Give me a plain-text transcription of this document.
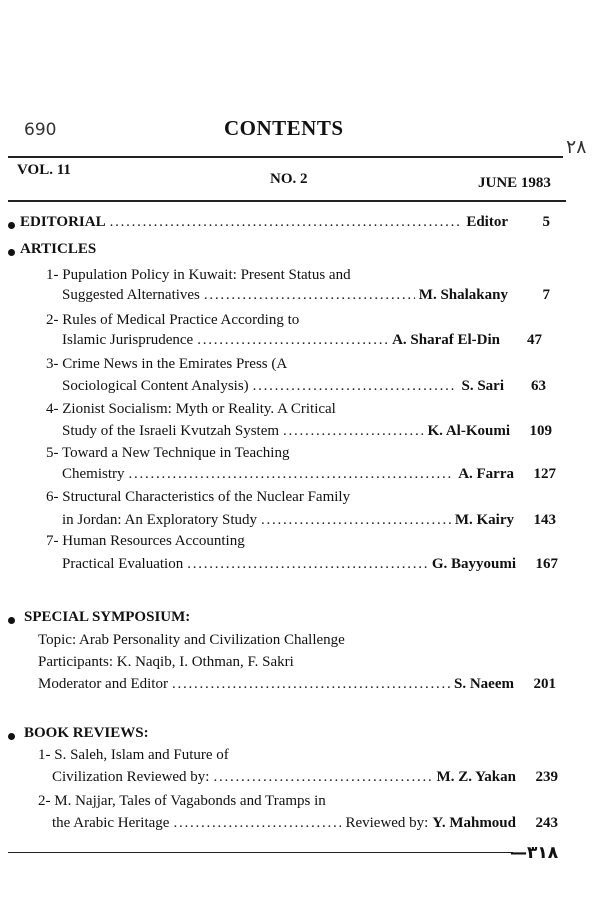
690
٢٨
CONTENTS
VOL. 11
NO. 2	JUNE 1983
EDITORIAL . . .	Editor	5
ARTICLES
1- Pupulation Policy in Kuwait: Present Status and
Suggested Alternatives . . .	M. Shalakany	7
2- Rules of Medical Practice According to
Islamic Jurisprudence . . .	A. Sharaf El-Din	47
3- Crime News in the Emirates Press (A
Sociological Content Analysis) . . .	S. Sari	63
4- Zionist Socialism: Myth or Reality. A Critical
Study of the Israeli Kvutzah System . . .	K. Al-Koumi	109
5- Toward a New Technique in Teaching
Chemistry . . .	A. Farra	127
6- Structural Characteristics of the Nuclear Family
in Jordan: An Exploratory Study . . .	M. Kairy	143
7- Human Resources Accounting
Practical Evaluation . . .	G. Bayyoumi	167
SPECIAL SYMPOSIUM:
Topic: Arab Personality and Civilization Challenge
Participants: K. Naqib, I. Othman, F. Sakri
Moderator and Editor . . .	S. Naeem	201
BOOK REVIEWS:
1- S. Saleh, Islam and Future of
Civilization Reviewed by: . . .	M. Z. Yakan	239
2- M. Najjar, Tales of Vagabonds and Tramps in
the Arabic Heritage . . .	Reviewed by: Y. Mahmoud	243
—٣١٨
